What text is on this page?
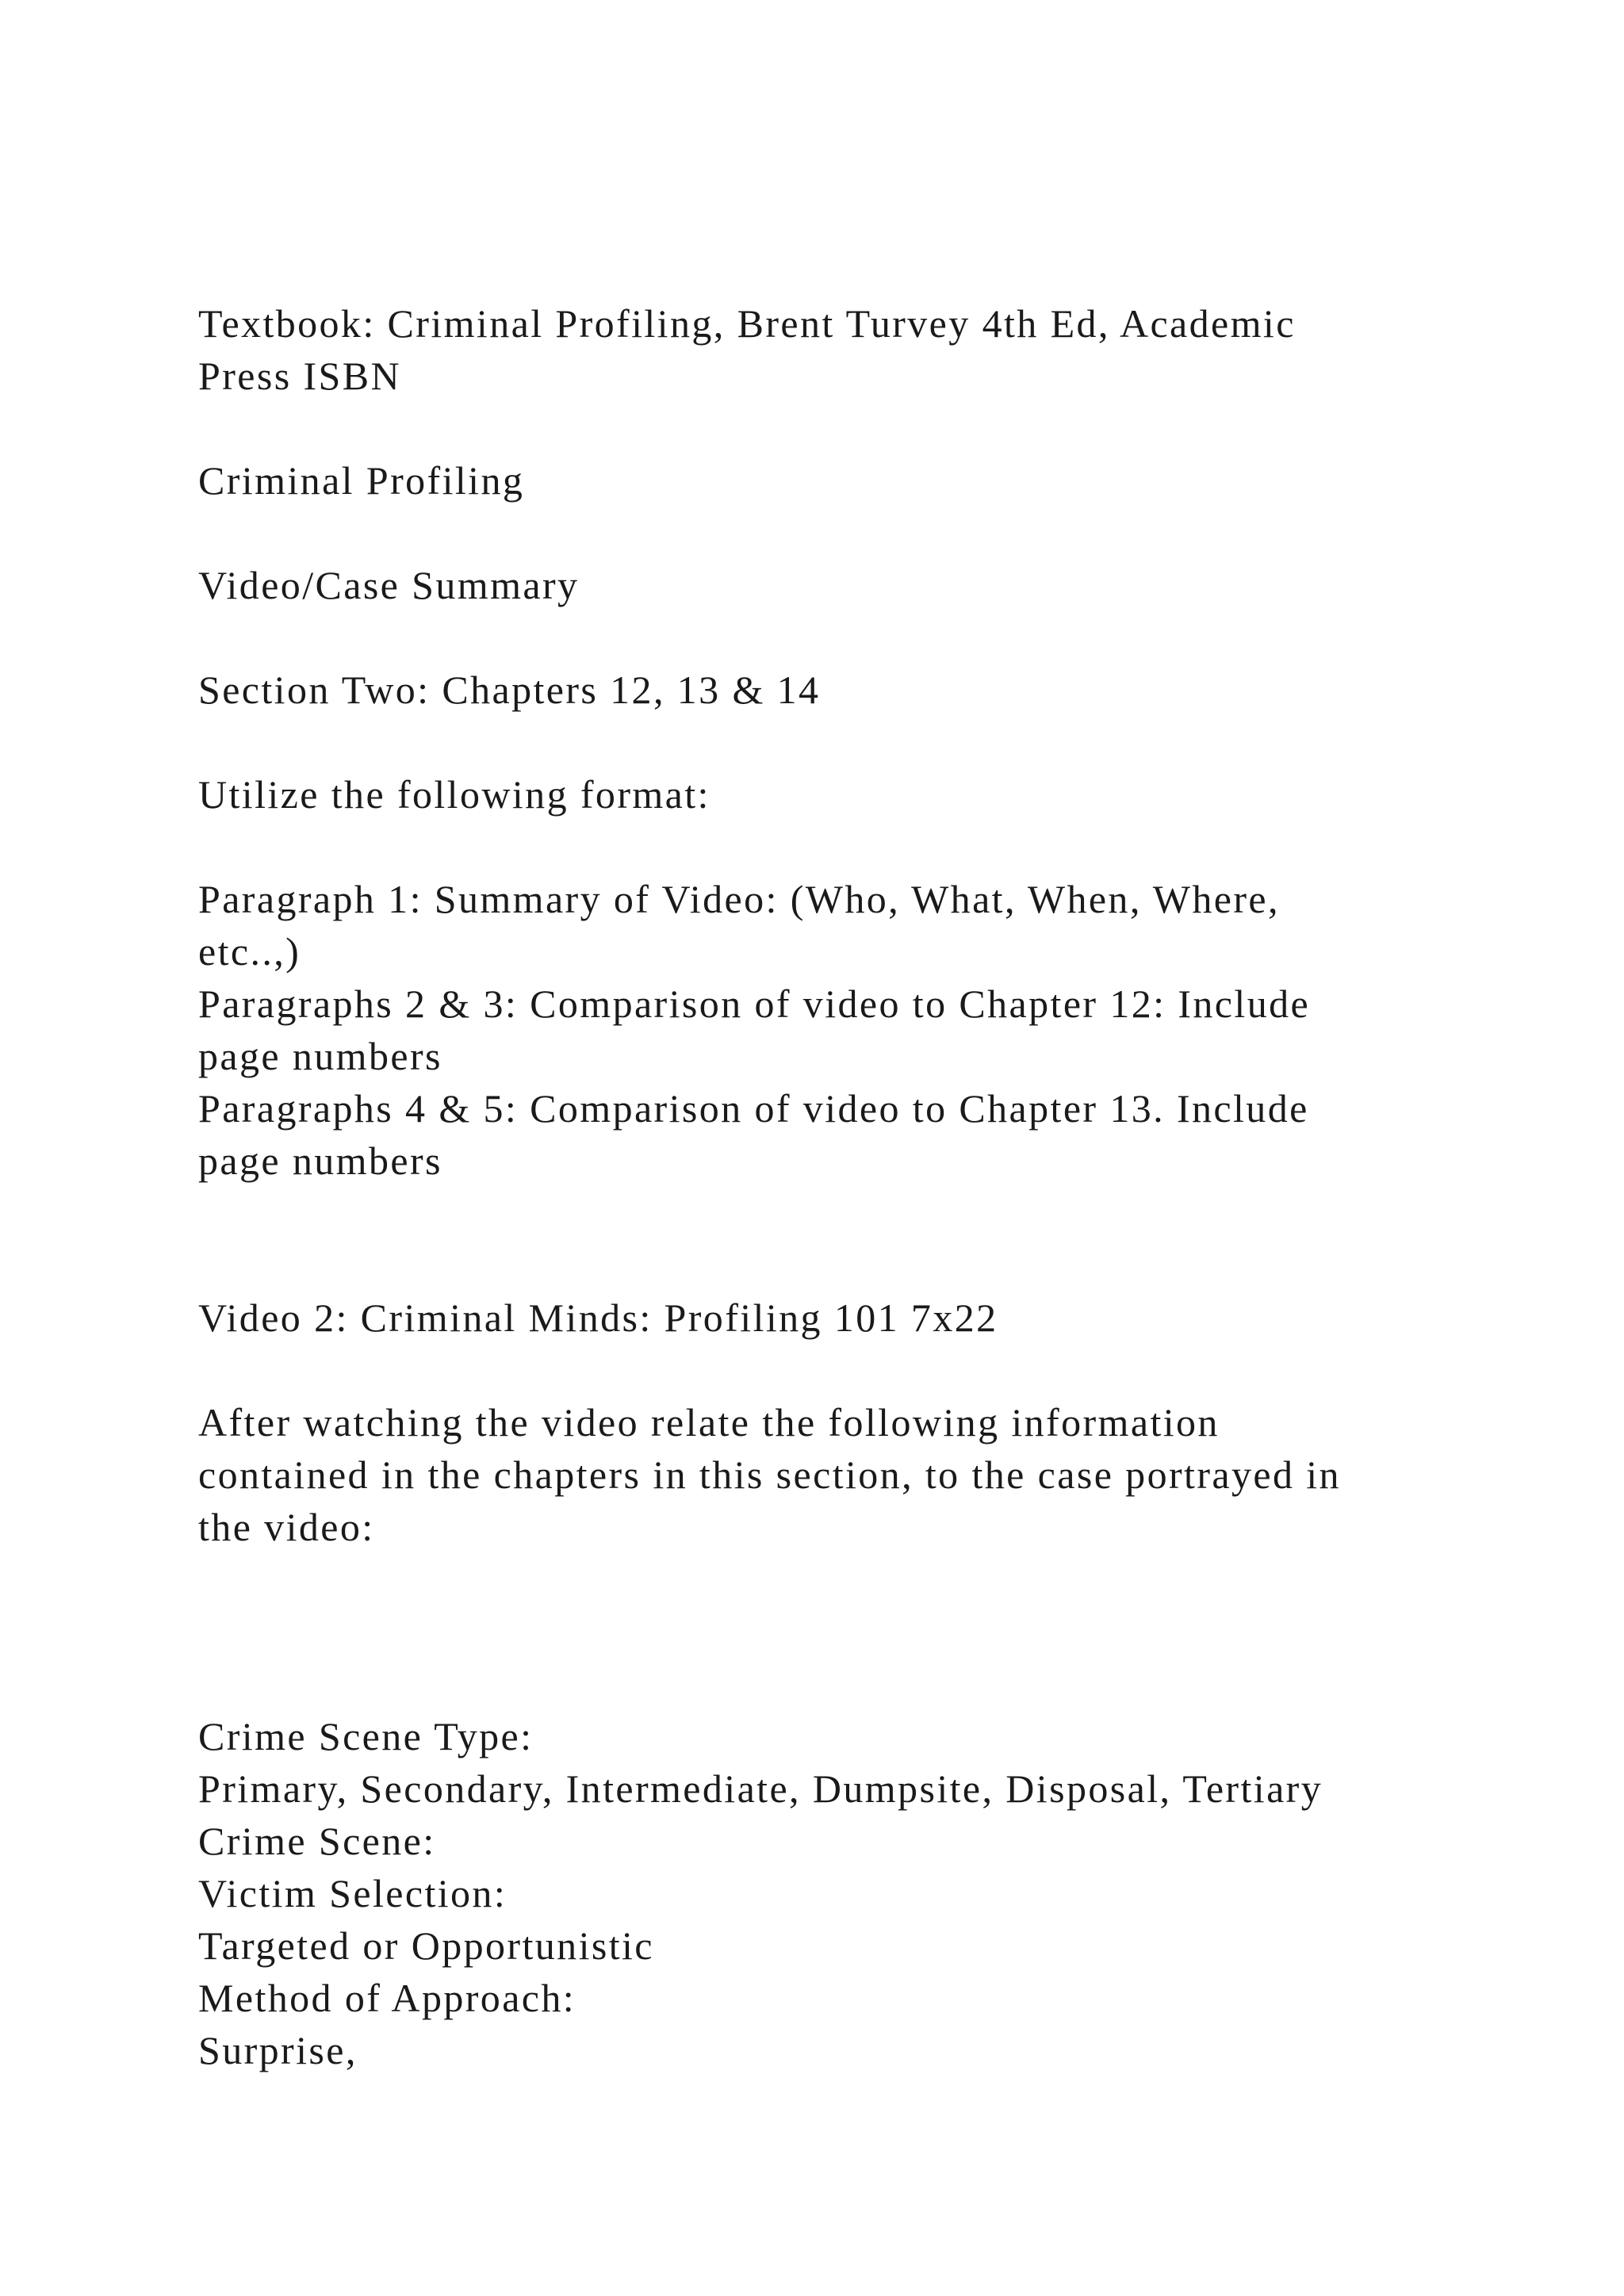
Textbook: Criminal Profiling, Brent Turvey 4th Ed, Academic
Press ISBN
Criminal Profiling
Video/Case Summary
Section Two: Chapters 12, 13 & 14
Utilize the following format:
Paragraph 1: Summary of Video: (Who, What, When, Where,
etc..,)
Paragraphs 2 & 3: Comparison of video to Chapter 12: Include
page numbers
Paragraphs 4 & 5: Comparison of video to Chapter 13. Include
page numbers
Video 2: Criminal Minds: Profiling 101 7x22
After watching the video relate the following information
contained in the chapters in this section, to the case portrayed in
the video:
Crime Scene Type:
Primary, Secondary, Intermediate, Dumpsite, Disposal, Tertiary
Crime Scene:
Victim Selection:
Targeted or Opportunistic
Method of Approach:
Surprise,
